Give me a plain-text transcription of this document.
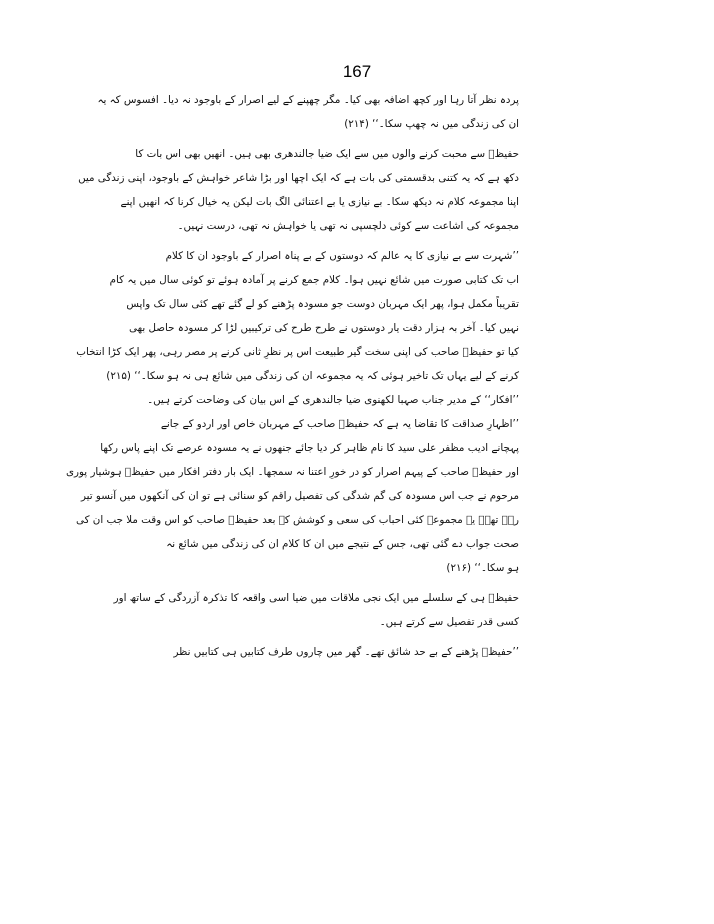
167
پردہ نظر آتا رہا اور کچھ اضافہ بھی کیا۔ مگر چھپنے کے لیے اصرار کے باوجود نہ دیا۔ افسوس کہ یہ
ان کی زندگی میں نہ چھپ سکا۔‘‘ (۲۱۴)
حفیظؔ سے محبت کرنے والوں میں سے ایک ضیا جالندھری بھی ہیں۔ انھیں بھی اس بات کا
دکھ ہے کہ یہ کتنی بدقسمتی کی بات ہے کہ ایک اچھا اور بڑا شاعر خواہش کے باوجود، اپنی زندگی میں
اپنا مجموعہ کلام نہ دیکھ سکا۔ بے نیازی یا بے اعتنائی الگ بات لیکن یہ خیال کرنا کہ انھیں اپنے
مجموعہ کی اشاعت سے کوئی دلچسپی نہ تھی یا خواہش نہ تھی، درست نہیں۔
’’شہرت سے بے نیازی کا یہ عالم کہ دوستوں کے بے پناہ اصرار کے باوجود ان کا کلام
اب تک کتابی صورت میں شائع نہیں ہوا۔ کلام جمع کرنے پر آمادہ ہوئے تو کوئی سال میں یہ کام
تقریباً مکمل ہوا، پھر ایک مہربان دوست جو مسودہ پڑھنے کو لے گئے تھے کئی سال تک واپس
نہیں کیا۔ آخر بہ ہزار دقت یار دوستوں نے طرح طرح کی ترکیبیں لڑا کر مسودہ حاصل بھی
کیا تو حفیظؔ صاحب کی اپنی سخت گیر طبیعت اس پر نظرِ ثانی کرنے پر مصر رہی، پھر ایک کڑا انتخاب
کرنے کے لیے یہاں تک تاخیر ہوئی کہ یہ مجموعہ ان کی زندگی میں شائع ہی نہ ہو سکا۔‘‘ (۲۱۵)
’’افکار‘‘ کے مدیر جناب صہبا لکھنوی ضیا جالندھری کے اس بیان کی وضاحت کرتے ہیں۔
’’اظہارِ صداقت کا تقاضا یہ ہے کہ حفیظؔ صاحب کے مہربان خاص اور اردو کے جانے
پہچانے ادیب مظفر علی سید کا نام ظاہر کر دیا جائے جنھوں نے یہ مسودہ عرصے تک اپنے پاس رکھا
اور حفیظؔ صاحب کے پیہم اصرار کو در خورِ اعتنا نہ سمجھا۔ ایک بار دفتر افکار میں حفیظؔ ہوشیار پوری
مرحوم نے جب اس مسودہ کی گم شدگی کی تفصیل راقم کو سنائی ہے تو ان کی آنکھوں میں آنسو تیر
رہے تھے۔ یہ مجموعہ کئی احباب کی سعی و کوشش کے بعد حفیظؔ صاحب کو اس وقت ملا جب ان کی
صحت جواب دے گئی تھی، جس کے نتیجے میں ان کا کلام ان کی زندگی میں شائع نہ
ہو سکا۔‘‘ (۲۱۶)
حفیظؔ ہی کے سلسلے میں ایک نجی ملاقات میں ضیا اسی واقعہ کا تذکرہ آزردگی کے ساتھ اور
کسی قدر تفصیل سے کرتے ہیں۔
’’حفیظؔ پڑھنے کے بے حد شائق تھے۔ گھر میں چاروں طرف کتابیں ہی کتابیں نظر
